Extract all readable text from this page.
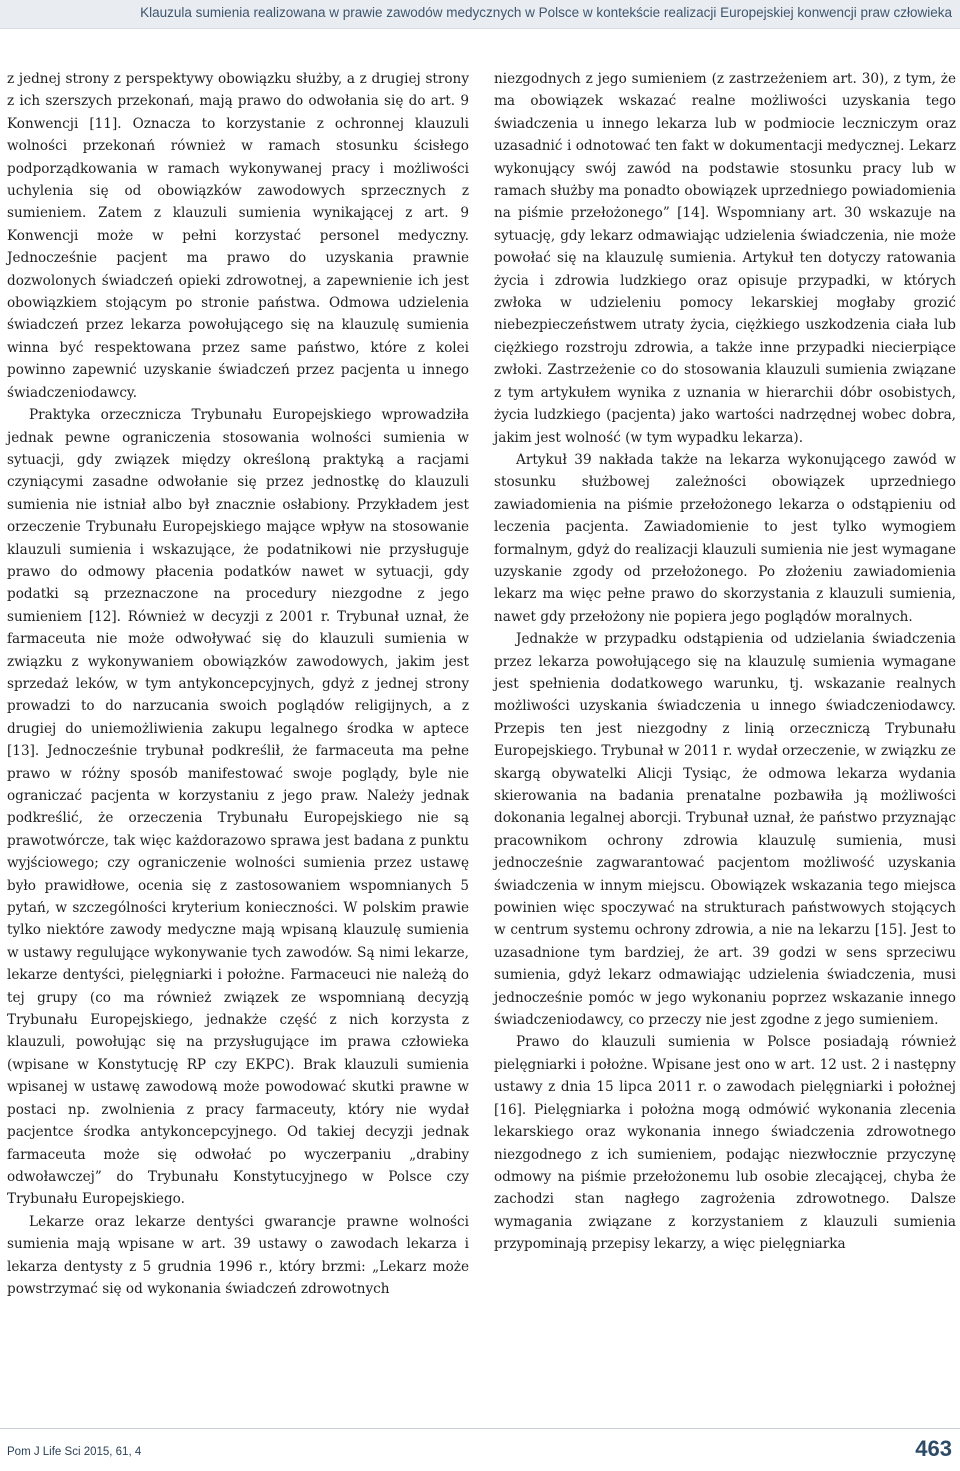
Klauzula sumienia realizowana w prawie zawodów medycznych w Polsce w kontekście realizacji Europejskiej konwencji praw człowieka

z jednej strony z perspektywy obowiązku służby, a z drugiej strony z ich szerszych przekonań, mają prawo do odwołania się do art. 9 Konwencji [11]. Oznacza to korzystanie z ochronnej klauzuli wolności przekonań również w ramach stosunku ścisłego podporządkowania w ramach wykonywanej pracy i możliwości uchylenia się od obowiązków zawodowych sprzecznych z sumieniem. Zatem z klauzuli sumienia wynikającej z art. 9 Konwencji może w pełni korzystać personel medyczny. Jednocześnie pacjent ma prawo do uzyskania prawnie dozwolonych świadczeń opieki zdrowotnej, a zapewnienie ich jest obowiązkiem stojącym po stronie państwa. Odmowa udzielenia świadczeń przez lekarza powołującego się na klauzulę sumienia winna być respektowana przez same państwo, które z kolei powinno zapewnić uzyskanie świadczeń przez pacjenta u innego świadczeniodawcy.

Praktyka orzecznicza Trybunału Europejskiego wprowadziła jednak pewne ograniczenia stosowania wolności sumienia w sytuacji, gdy związek między określoną praktyką a racjami czyniącymi zasadne odwołanie się przez jednostkę do klauzuli sumienia nie istniał albo był znacznie osłabiony. Przykładem jest orzeczenie Trybunału Europejskiego mające wpływ na stosowanie klauzuli sumienia i wskazujące, że podatnikowi nie przysługuje prawo do odmowy płacenia podatków nawet w sytuacji, gdy podatki są przeznaczone na procedury niezgodne z jego sumieniem [12]. Również w decyzji z 2001 r. Trybunał uznał, że farmaceuta nie może odwoływać się do klauzuli sumienia w związku z wykonywaniem obowiązków zawodowych, jakim jest sprzedaż leków, w tym antykoncepcyjnych, gdyż z jednej strony prowadzi to do narzucania swoich poglądów religijnych, a z drugiej do uniemożliwienia zakupu legalnego środka w aptece [13]. Jednocześnie trybunał podkreślił, że farmaceuta ma pełne prawo w różny sposób manifestować swoje poglądy, byle nie ograniczać pacjenta w korzystaniu z jego praw. Należy jednak podkreślić, że orzeczenia Trybunału Europejskiego nie są prawotwórcze, tak więc każdorazowo sprawa jest badana z punktu wyjściowego; czy ograniczenie wolności sumienia przez ustawę było prawidłowe, ocenia się z zastosowaniem wspomnianych 5 pytań, w szczególności kryterium konieczności. W polskim prawie tylko niektóre zawody medyczne mają wpisaną klauzulę sumienia w ustawy regulujące wykonywanie tych zawodów. Są nimi lekarze, lekarze dentyści, pielęgniarki i położne. Farmaceuci nie należą do tej grupy (co ma również związek ze wspomnianą decyzją Trybunału Europejskiego, jednakże część z nich korzysta z klauzuli, powołując się na przysługujące im prawa człowieka (wpisane w Konstytucję RP czy EKPC). Brak klauzuli sumienia wpisanej w ustawę zawodową może powodować skutki prawne w postaci np. zwolnienia z pracy farmaceuty, który nie wydał pacjentce środka antykoncepcyjnego. Od takiej decyzji jednak farmaceuta może się odwołać po wyczerpaniu „drabiny odwoławczej” do Trybunału Konstytucyjnego w Polsce czy Trybunału Europejskiego.

Lekarze oraz lekarze dentyści gwarancje prawne wolności sumienia mają wpisane w art. 39 ustawy o zawodach lekarza i lekarza dentysty z 5 grudnia 1996 r., który brzmi: „Lekarz może powstrzymać się od wykonania świadczeń zdrowotnych

niezgodnych z jego sumieniem (z zastrzeżeniem art. 30), z tym, że ma obowiązek wskazać realne możliwości uzyskania tego świadczenia u innego lekarza lub w podmiocie leczniczym oraz uzasadnić i odnotować ten fakt w dokumentacji medycznej. Lekarz wykonujący swój zawód na podstawie stosunku pracy lub w ramach służby ma ponadto obowiązek uprzedniego powiadomienia na piśmie przełożonego” [14]. Wspomniany art. 30 wskazuje na sytuację, gdy lekarz odmawiając udzielenia świadczenia, nie może powołać się na klauzulę sumienia. Artykuł ten dotyczy ratowania życia i zdrowia ludzkiego oraz opisuje przypadki, w których zwłoka w udzieleniu pomocy lekarskiej mogłaby grozić niebezpieczeństwem utraty życia, ciężkiego uszkodzenia ciała lub ciężkiego rozstroju zdrowia, a także inne przypadki niecierpiące zwłoki. Zastrzeżenie co do stosowania klauzuli sumienia związane z tym artykułem wynika z uznania w hierarchii dóbr osobistych, życia ludzkiego (pacjenta) jako wartości nadrzędnej wobec dobra, jakim jest wolność (w tym wypadku lekarza).

Artykuł 39 nakłada także na lekarza wykonującego zawód w stosunku służbowej zależności obowiązek uprzedniego zawiadomienia na piśmie przełożonego lekarza o odstąpieniu od leczenia pacjenta. Zawiadomienie to jest tylko wymogiem formalnym, gdyż do realizacji klauzuli sumienia nie jest wymagane uzyskanie zgody od przełożonego. Po złożeniu zawiadomienia lekarz ma więc pełne prawo do skorzystania z klauzuli sumienia, nawet gdy przełożony nie popiera jego poglądów moralnych.

Jednakże w przypadku odstąpienia od udzielania świadczenia przez lekarza powołującego się na klauzulę sumienia wymagane jest spełnienia dodatkowego warunku, tj. wskazanie realnych możliwości uzyskania świadczenia u innego świadczeniodawcy. Przepis ten jest niezgodny z linią orzeczniczą Trybunału Europejskiego. Trybunał w 2011 r. wydał orzeczenie, w związku ze skargą obywatelki Alicji Tysiąc, że odmowa lekarza wydania skierowania na badania prenatalne pozbawiła ją możliwości dokonania legalnej aborcji. Trybunał uznał, że państwo przyznając pracownikom ochrony zdrowia klauzulę sumienia, musi jednocześnie zagwarantować pacjentom możliwość uzyskania świadczenia w innym miejscu. Obowiązek wskazania tego miejsca powinien więc spoczywać na strukturach państwowych stojących w centrum systemu ochrony zdrowia, a nie na lekarzu [15]. Jest to uzasadnione tym bardziej, że art. 39 godzi w sens sprzeciwu sumienia, gdyż lekarz odmawiając udzielenia świadczenia, musi jednocześnie pomóc w jego wykonaniu poprzez wskazanie innego świadczeniodawcy, co przeczy nie jest zgodne z jego sumieniem.

Prawo do klauzuli sumienia w Polsce posiadają również pielęgniarki i położne. Wpisane jest ono w art. 12 ust. 2 i następny ustawy z dnia 15 lipca 2011 r. o zawodach pielęgniarki i położnej [16]. Pielęgniarka i położna mogą odmówić wykonania zlecenia lekarskiego oraz wykonania innego świadczenia zdrowotnego niezgodnego z ich sumieniem, podając niezwłocznie przyczynę odmowy na piśmie przełożonemu lub osobie zlecającej, chyba że zachodzi stan nagłego zagrożenia zdrowotnego. Dalsze wymagania związane z korzystaniem z klauzuli sumienia przypominają przepisy lekarzy, a więc pielęgniarka

Pom J Life Sci 2015, 61, 4	463
